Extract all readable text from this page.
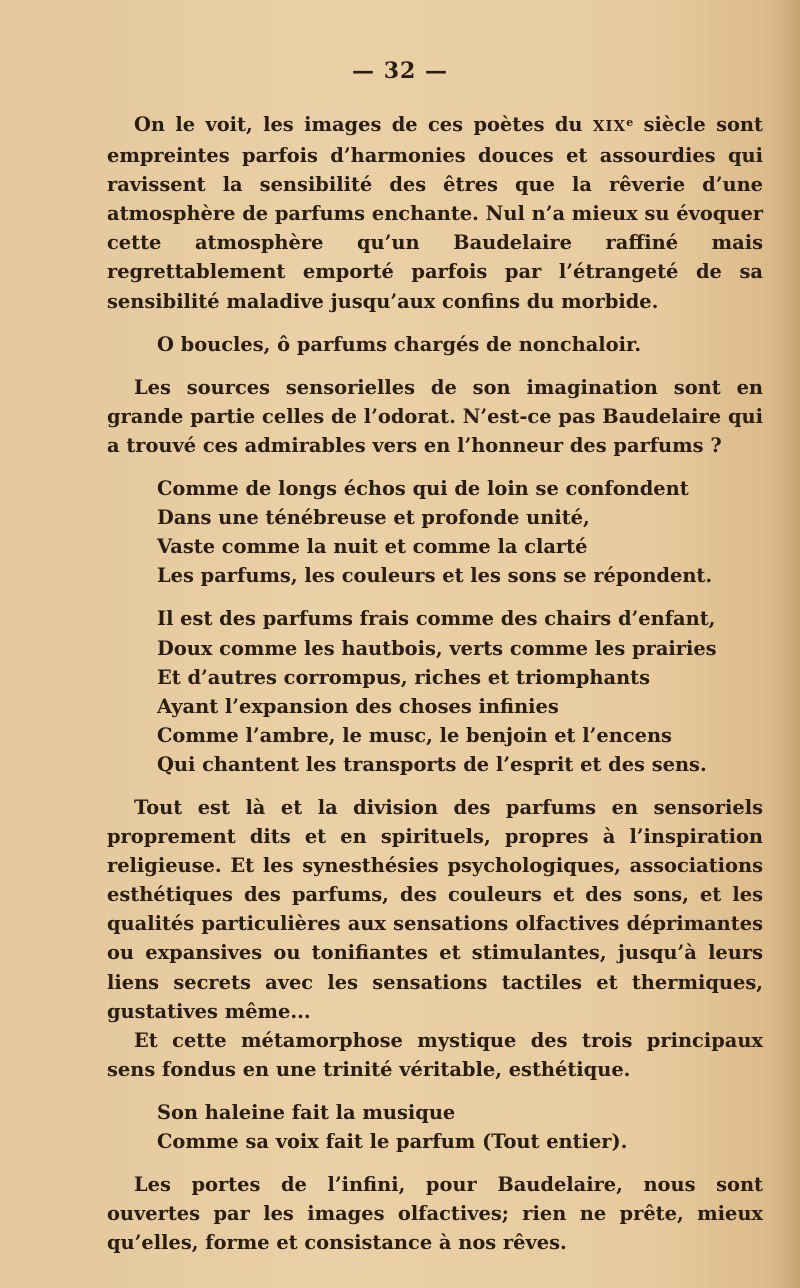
— 32 —

On le voit, les images de ces poètes du XIXe siècle sont empreintes parfois d’harmonies douces et assourdies qui ravissent la sensibilité des êtres que la rêverie d’une atmosphère de parfums enchante. Nul n’a mieux su évoquer cette atmosphère qu’un Baudelaire raffiné mais regrettablement emporté parfois par l’étrangeté de sa sensibilité maladive jusqu’aux confins du morbide.

O boucles, ô parfums chargés de nonchaloir.

Les sources sensorielles de son imagination sont en grande partie celles de l’odorat. N’est-ce pas Baudelaire qui a trouvé ces admirables vers en l’honneur des parfums ?

Comme de longs échos qui de loin se confondent
Dans une ténébreuse et profonde unité,
Vaste comme la nuit et comme la clarté
Les parfums, les couleurs et les sons se répondent.
Il est des parfums frais comme des chairs d’enfant,
Doux comme les hautbois, verts comme les prairies
Et d’autres corrompus, riches et triomphants
Ayant l’expansion des choses infinies
Comme l’ambre, le musc, le benjoin et l’encens
Qui chantent les transports de l’esprit et des sens.

Tout est là et la division des parfums en sensoriels proprement dits et en spirituels, propres à l’inspiration religieuse. Et les synesthésies psychologiques, associations esthétiques des parfums, des couleurs et des sons, et les qualités particulières aux sensations olfactives déprimantes ou expansives ou tonifiantes et stimulantes, jusqu’à leurs liens secrets avec les sensations tactiles et thermiques, gustatives même...

Et cette métamorphose mystique des trois principaux sens fondus en une trinité véritable, esthétique.

Son haleine fait la musique
Comme sa voix fait le parfum (Tout entier).

Les portes de l’infini, pour Baudelaire, nous sont ouvertes par les images olfactives; rien ne prête, mieux qu’elles, forme et consistance à nos rêves.
